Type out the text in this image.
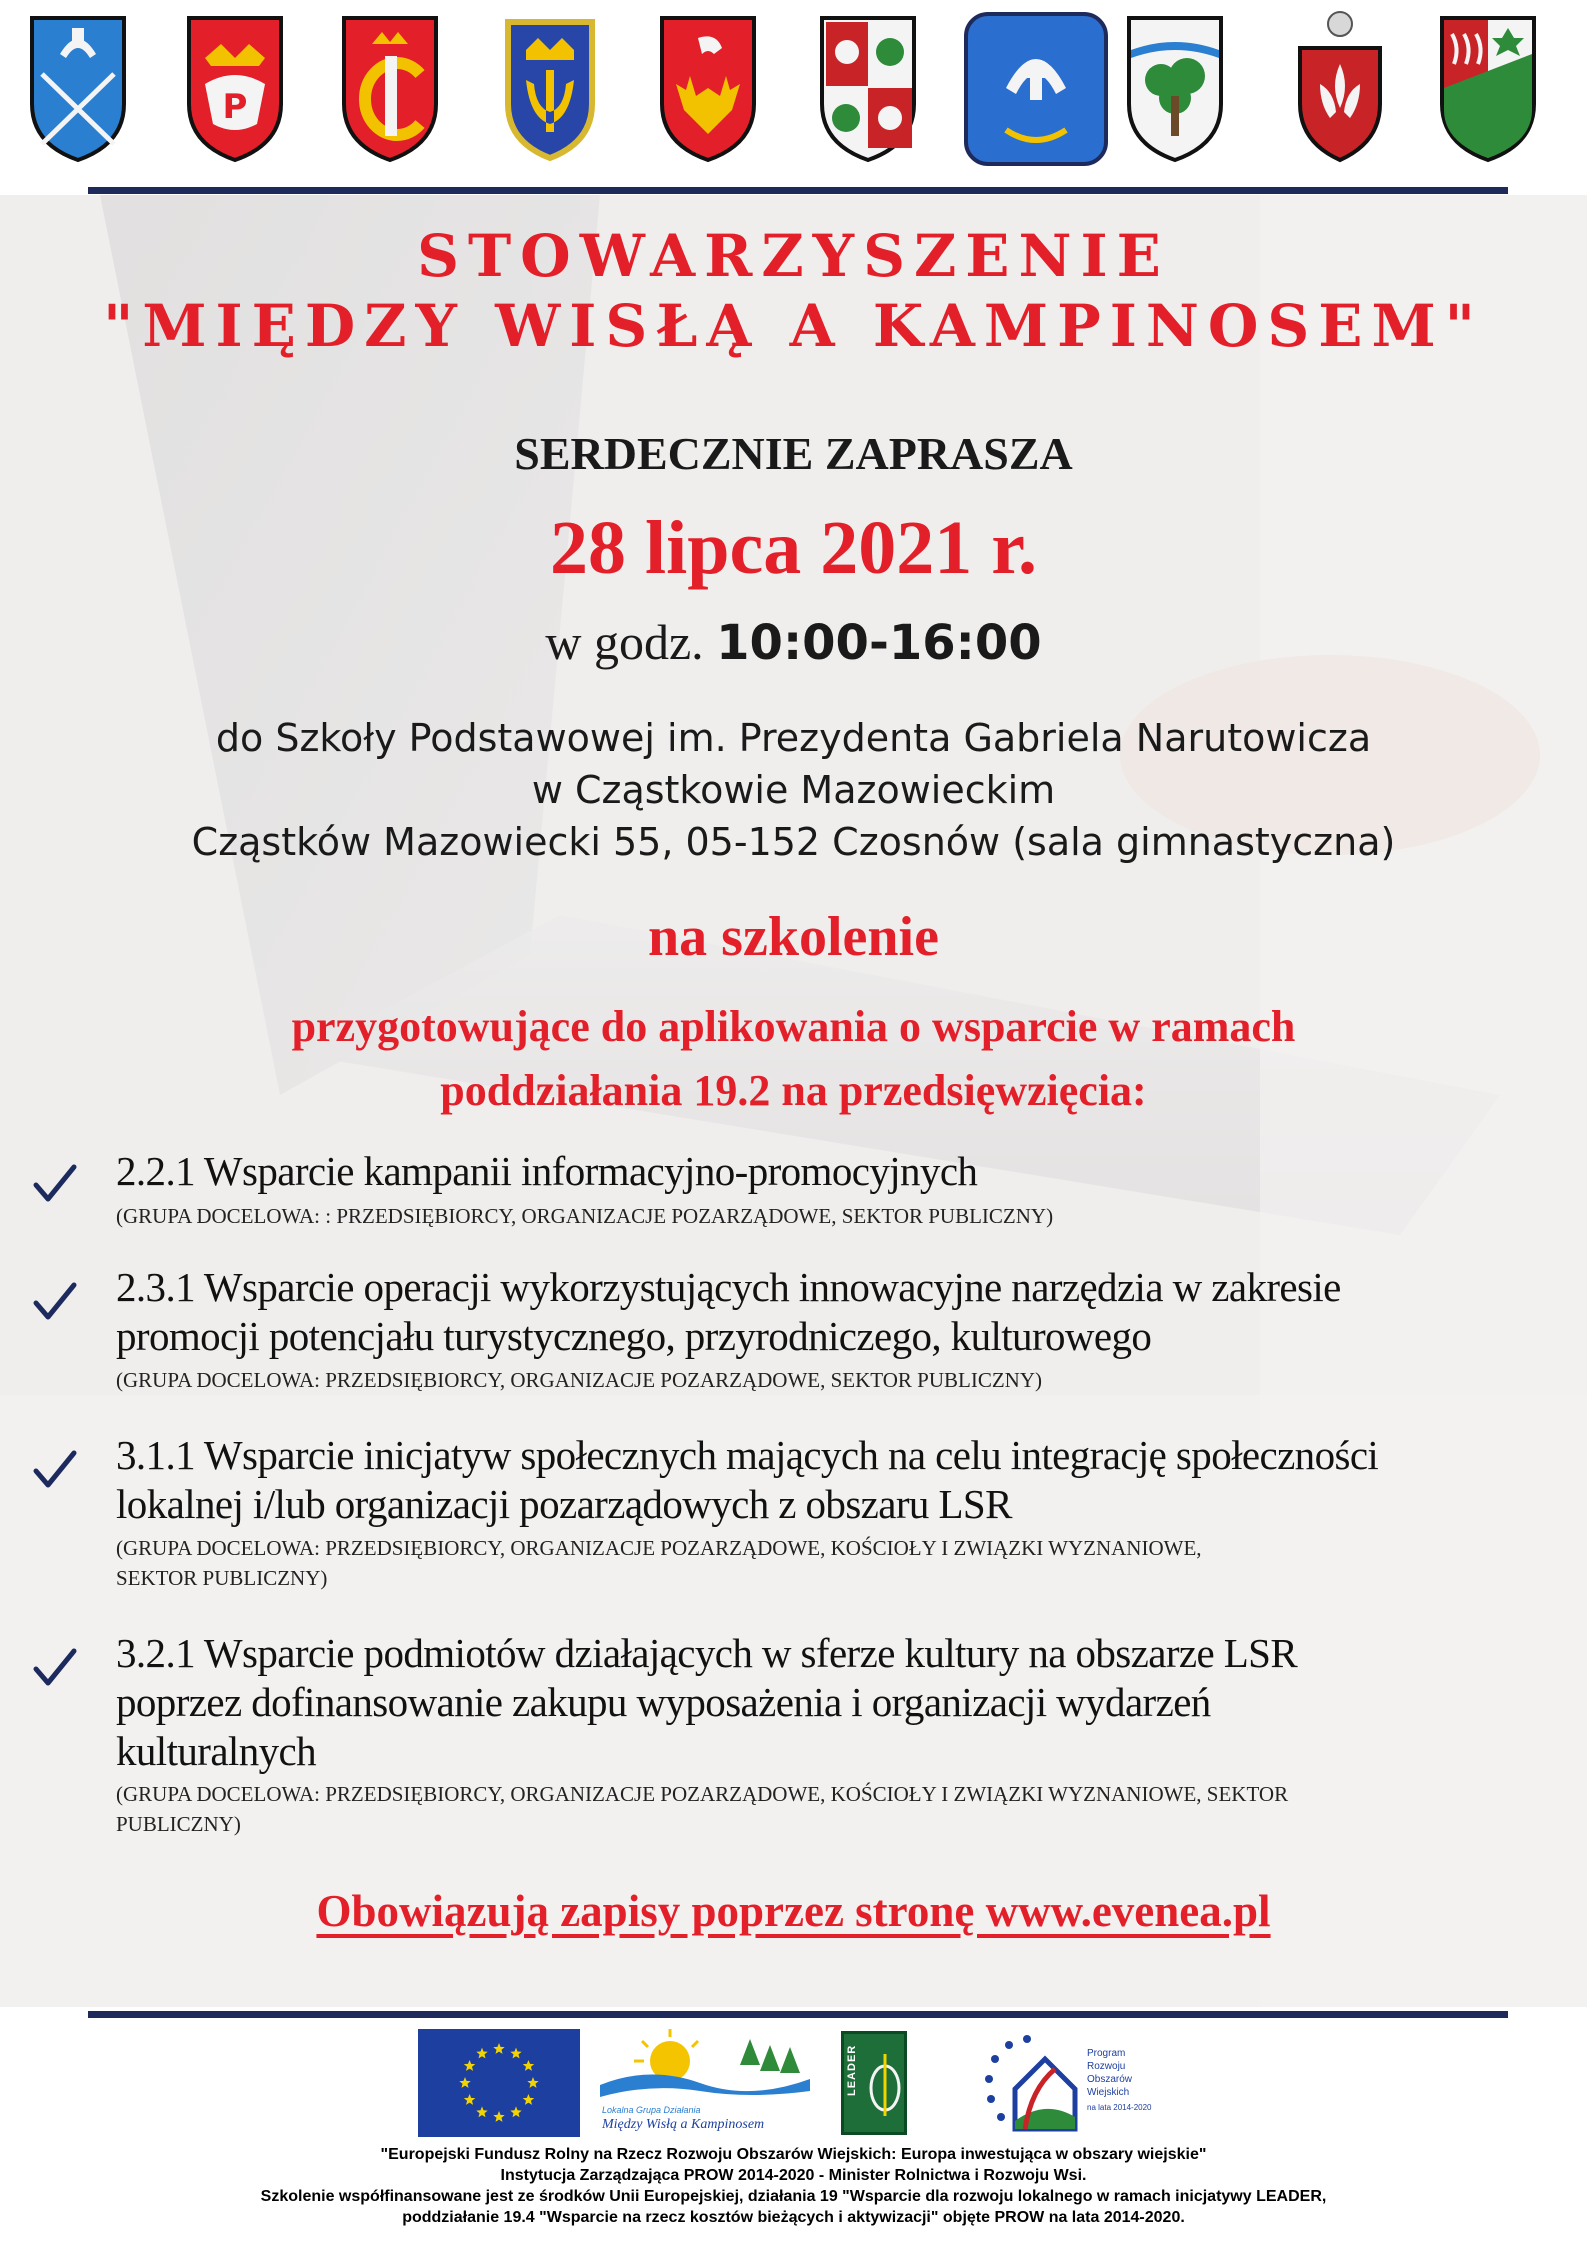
P
STOWARZYSZENIE
"MIĘDZY WISŁĄ A KAMPINOSEM"
SERDECZNIE ZAPRASZA
28 lipca 2021 r.
w godz. 10:00-16:00
do Szkoły Podstawowej im. Prezydenta Gabriela Narutowicza
w Cząstkowie Mazowieckim
Cząstków Mazowiecki 55, 05-152 Czosnów (sala gimnastyczna)
na szkolenie
przygotowujące do aplikowania o wsparcie w ramach
poddziałania 19.2 na przedsięwzięcia:
2.2.1 Wsparcie kampanii informacyjno-promocyjnych
(GRUPA DOCELOWA: : PRZEDSIĘBIORCY, ORGANIZACJE POZARZĄDOWE, SEKTOR PUBLICZNY)
2.3.1 Wsparcie operacji wykorzystujących innowacyjne narzędzia w zakresie
promocji potencjału turystycznego, przyrodniczego, kulturowego
(GRUPA DOCELOWA: PRZEDSIĘBIORCY, ORGANIZACJE POZARZĄDOWE, SEKTOR PUBLICZNY)
3.1.1 Wsparcie inicjatyw społecznych mających na celu integrację społeczności
lokalnej i/lub organizacji pozarządowych z obszaru LSR
(GRUPA DOCELOWA: PRZEDSIĘBIORCY, ORGANIZACJE POZARZĄDOWE, KOŚCIOŁY I ZWIĄZKI WYZNANIOWE,
SEKTOR PUBLICZNY)
3.2.1 Wsparcie podmiotów działających w sferze kultury na obszarze LSR
poprzez dofinansowanie zakupu wyposażenia i organizacji wydarzeń
kulturalnych
(GRUPA DOCELOWA: PRZEDSIĘBIORCY, ORGANIZACJE POZARZĄDOWE, KOŚCIOŁY I ZWIĄZKI WYZNANIOWE, SEKTOR
PUBLICZNY)
Obowiązują zapisy poprzez stronę www.evenea.pl
Lokalna Grupa Działania
Między Wisłą a Kampinosem
LEADER	Program
Rozwoju
Obszarów
Wiejskich
na lata 2014-2020
"Europejski Fundusz Rolny na Rzecz Rozwoju Obszarów Wiejskich: Europa inwestująca w obszary wiejskie"
Instytucja Zarządzająca PROW 2014-2020 - Minister Rolnictwa i Rozwoju Wsi.
Szkolenie współfinansowane jest ze środków Unii Europejskiej, działania 19 "Wsparcie dla rozwoju lokalnego w ramach inicjatywy LEADER,
poddziałanie 19.4 "Wsparcie na rzecz kosztów bieżących i aktywizacji" objęte PROW na lata 2014-2020.
